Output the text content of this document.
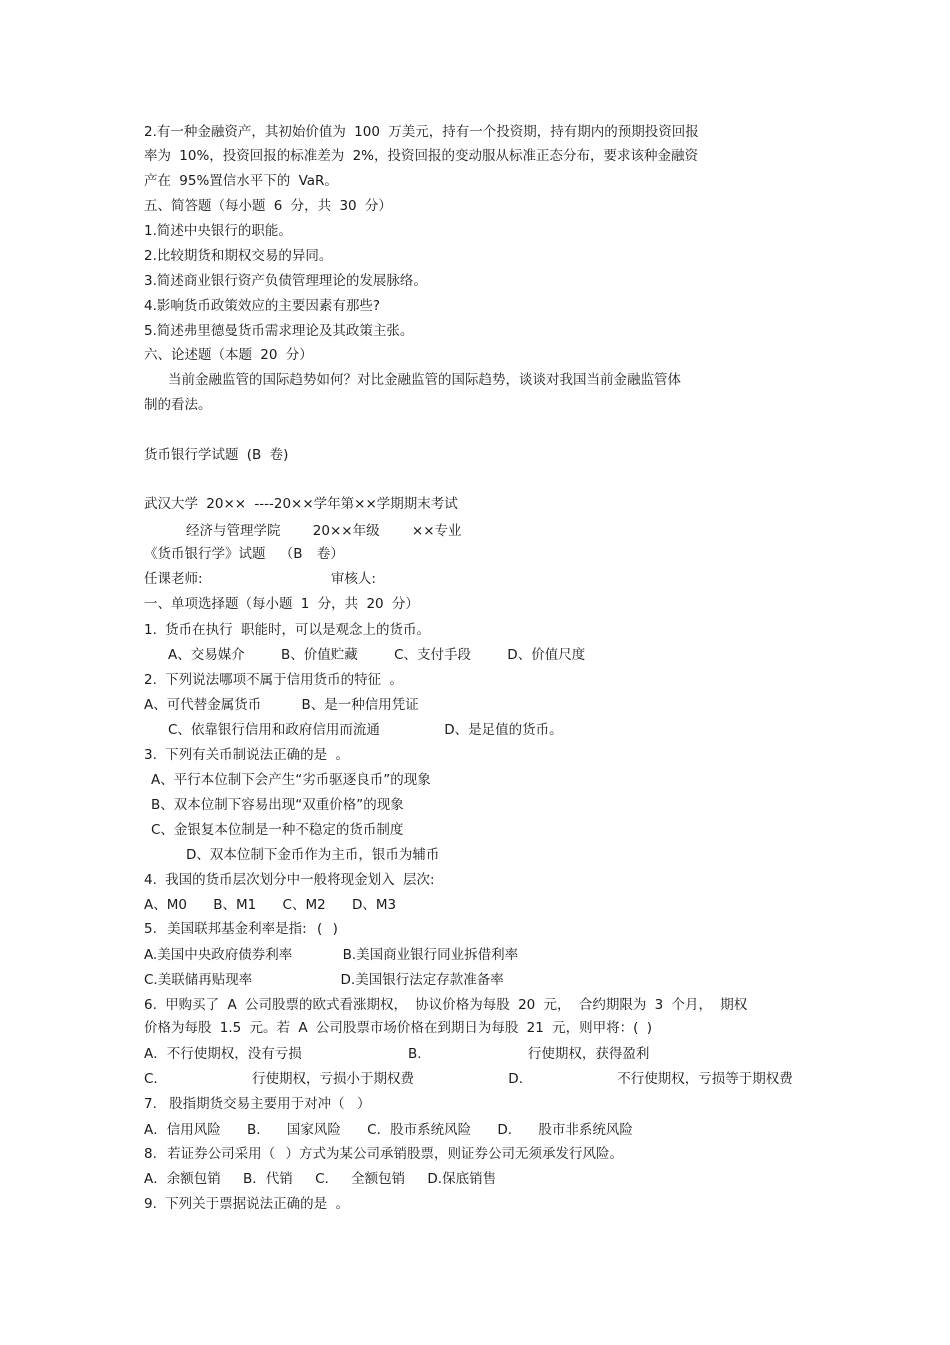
2.有一种金融资产，其初始价值为 100 万美元，持有一个投资期，持有期内的预期投资回报
率为 10%，投资回报的标准差为 2%，投资回报的变动服从标准正态分布，要求该种金融资
产在 95%置信水平下的 VaR。
五、简答题（每小题 6 分，共 30 分）
1.简述中央银行的职能。
2.比较期货和期权交易的异同。
3.简述商业银行资产负债管理理论的发展脉络。
4.影响货币政策效应的主要因素有那些?
5.简述弗里德曼货币需求理论及其政策主张。
六、论述题（本题 20 分）
当前金融监管的国际趋势如何？对比金融监管的国际趋势，谈谈对我国当前金融监管体
制的看法。
货币银行学试题 (B 卷)
武汉大学 20×× ----20××学年第××学期期末考试
经济与管理学院 20××年级 ××专业
《货币银行学》试题 （B 卷）
任课老师: 审核人:
一、单项选择题（每小题 1 分，共 20 分）
1. 货币在执行 职能时，可以是观念上的货币。
A、交易媒介 B、价值贮藏 C、支付手段 D、价值尺度
2. 下列说法哪项不属于信用货币的特征 。
A、可代替金属货币 B、是一种信用凭证
C、依靠银行信用和政府信用而流通 D、是足值的货币。
3. 下列有关币制说法正确的是 。
A、平行本位制下会产生“劣币驱逐良币”的现象
B、双本位制下容易出现“双重价格”的现象
C、金银复本位制是一种不稳定的货币制度
D、双本位制下金币作为主币，银币为辅币
4. 我国的货币层次划分中一般将现金划入 层次:
A、M0 B、M1 C、M2 D、M3
5. 美国联邦基金利率是指: ( )
A.美国中央政府债券利率 B.美国商业银行同业拆借利率
C.美联储再贴现率 D.美国银行法定存款准备率
6. 甲购买了 A 公司股票的欧式看涨期权， 协议价格为每股 20 元， 合约期限为 3 个月， 期权
价格为每股 1.5 元。若 A 公司股票市场价格在到期日为每股 21 元，则甲将：( )
A．不行使期权，没有亏损 B. 行使期权，获得盈利
C. 行使期权，亏损小于期权费 D. 不行使期权，亏损等于期权费
7. 股指期货交易主要用于对冲（ ）
A．信用风险 B. 国家风险 C．股市系统风险 D. 股市非系统风险
8. 若证券公司采用（ ）方式为某公司承销股票，则证券公司无须承发行风险。
A．余额包销 B．代销 C. 全额包销 D.保底销售
9. 下列关于票据说法正确的是 。
